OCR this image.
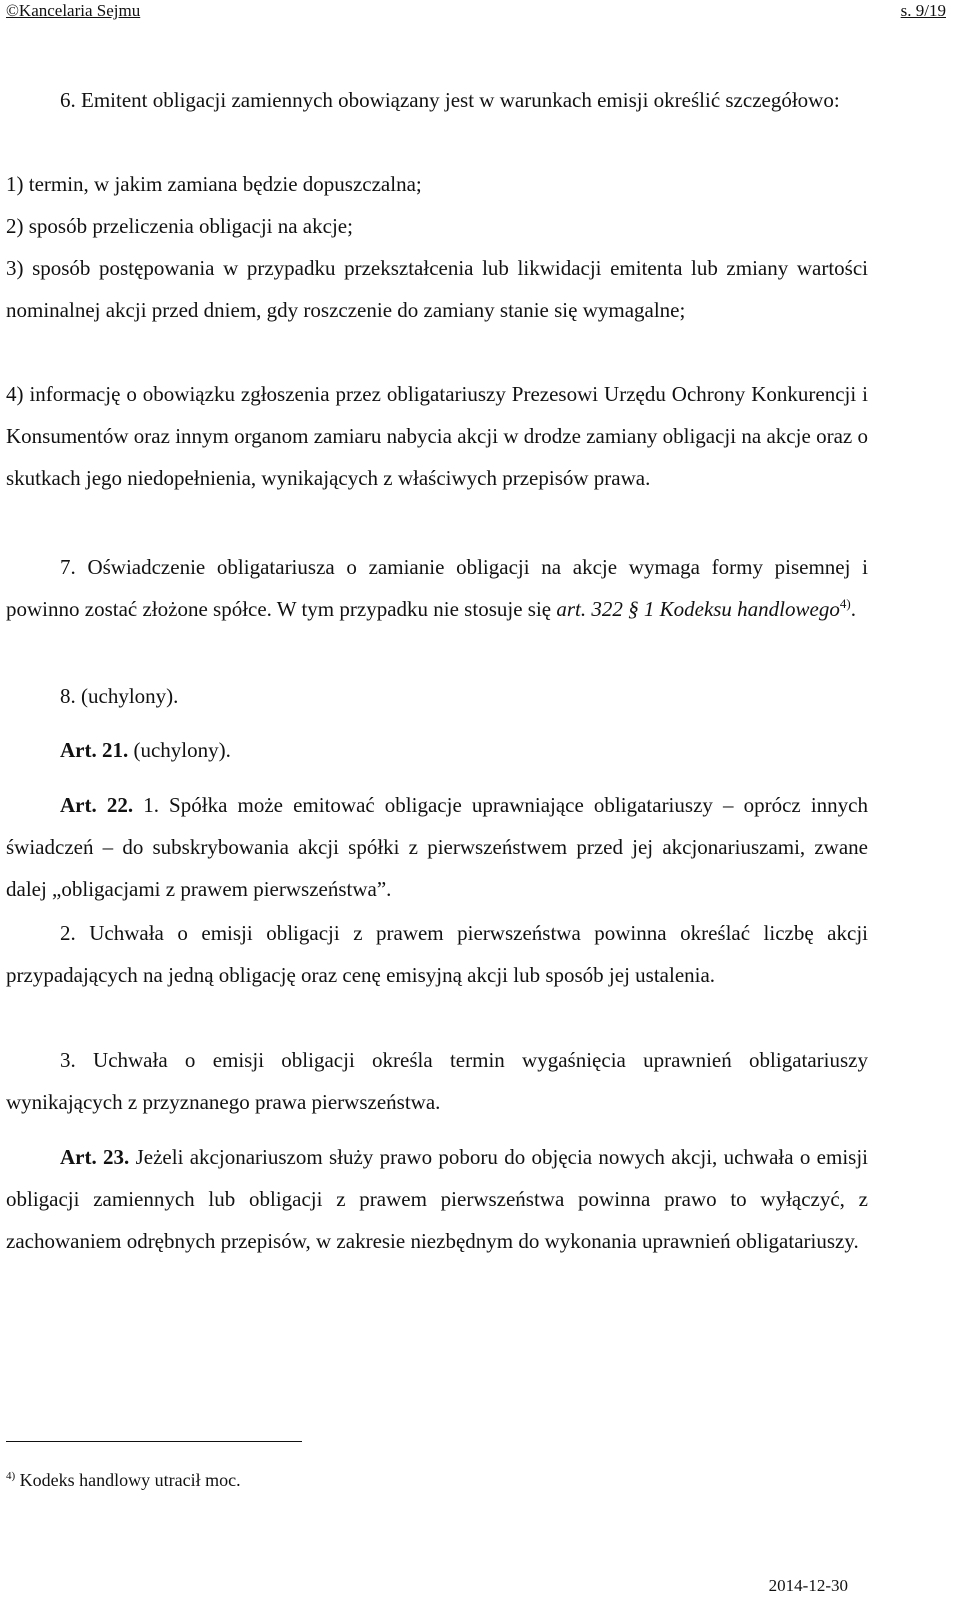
©Kancelaria Sejmu	s. 9/19

6. Emitent obligacji zamiennych obowiązany jest w warunkach emisji określić szczegółowo:

1) termin, w jakim zamiana będzie dopuszczalna;

2) sposób przeliczenia obligacji na akcje;

3) sposób postępowania w przypadku przekształcenia lub likwidacji emitenta lub zmiany wartości nominalnej akcji przed dniem, gdy roszczenie do zamiany stanie się wymagalne;

4) informację o obowiązku zgłoszenia przez obligatariuszy Prezesowi Urzędu Ochrony Konkurencji i Konsumentów oraz innym organom zamiaru nabycia akcji w drodze zamiany obligacji na akcje oraz o skutkach jego niedopełnienia, wynikających z właściwych przepisów prawa.

7. Oświadczenie obligatariusza o zamianie obligacji na akcje wymaga formy pisemnej i powinno zostać złożone spółce. W tym przypadku nie stosuje się art. 322 § 1 Kodeksu handlowego$^{4)}$.

8. (uchylony).

Art. 21. (uchylony).

Art. 22. 1. Spółka może emitować obligacje uprawniające obligatariuszy – oprócz innych świadczeń – do subskrybowania akcji spółki z pierwszeństwem przed jej akcjonariuszami, zwane dalej „obligacjami z prawem pierwszeństwa”.

2. Uchwała o emisji obligacji z prawem pierwszeństwa powinna określać liczbę akcji przypadających na jedną obligację oraz cenę emisyjną akcji lub sposób jej ustalenia.

3. Uchwała o emisji obligacji określa termin wygaśnięcia uprawnień obligatariuszy wynikających z przyznanego prawa pierwszeństwa.

Art. 23. Jeżeli akcjonariuszom służy prawo poboru do objęcia nowych akcji, uchwała o emisji obligacji zamiennych lub obligacji z prawem pierwszeństwa powinna prawo to wyłączyć, z zachowaniem odrębnych przepisów, w zakresie niezbędnym do wykonania uprawnień obligatariuszy.

$^{4)}$ Kodeks handlowy utracił moc.
2014-12-30
